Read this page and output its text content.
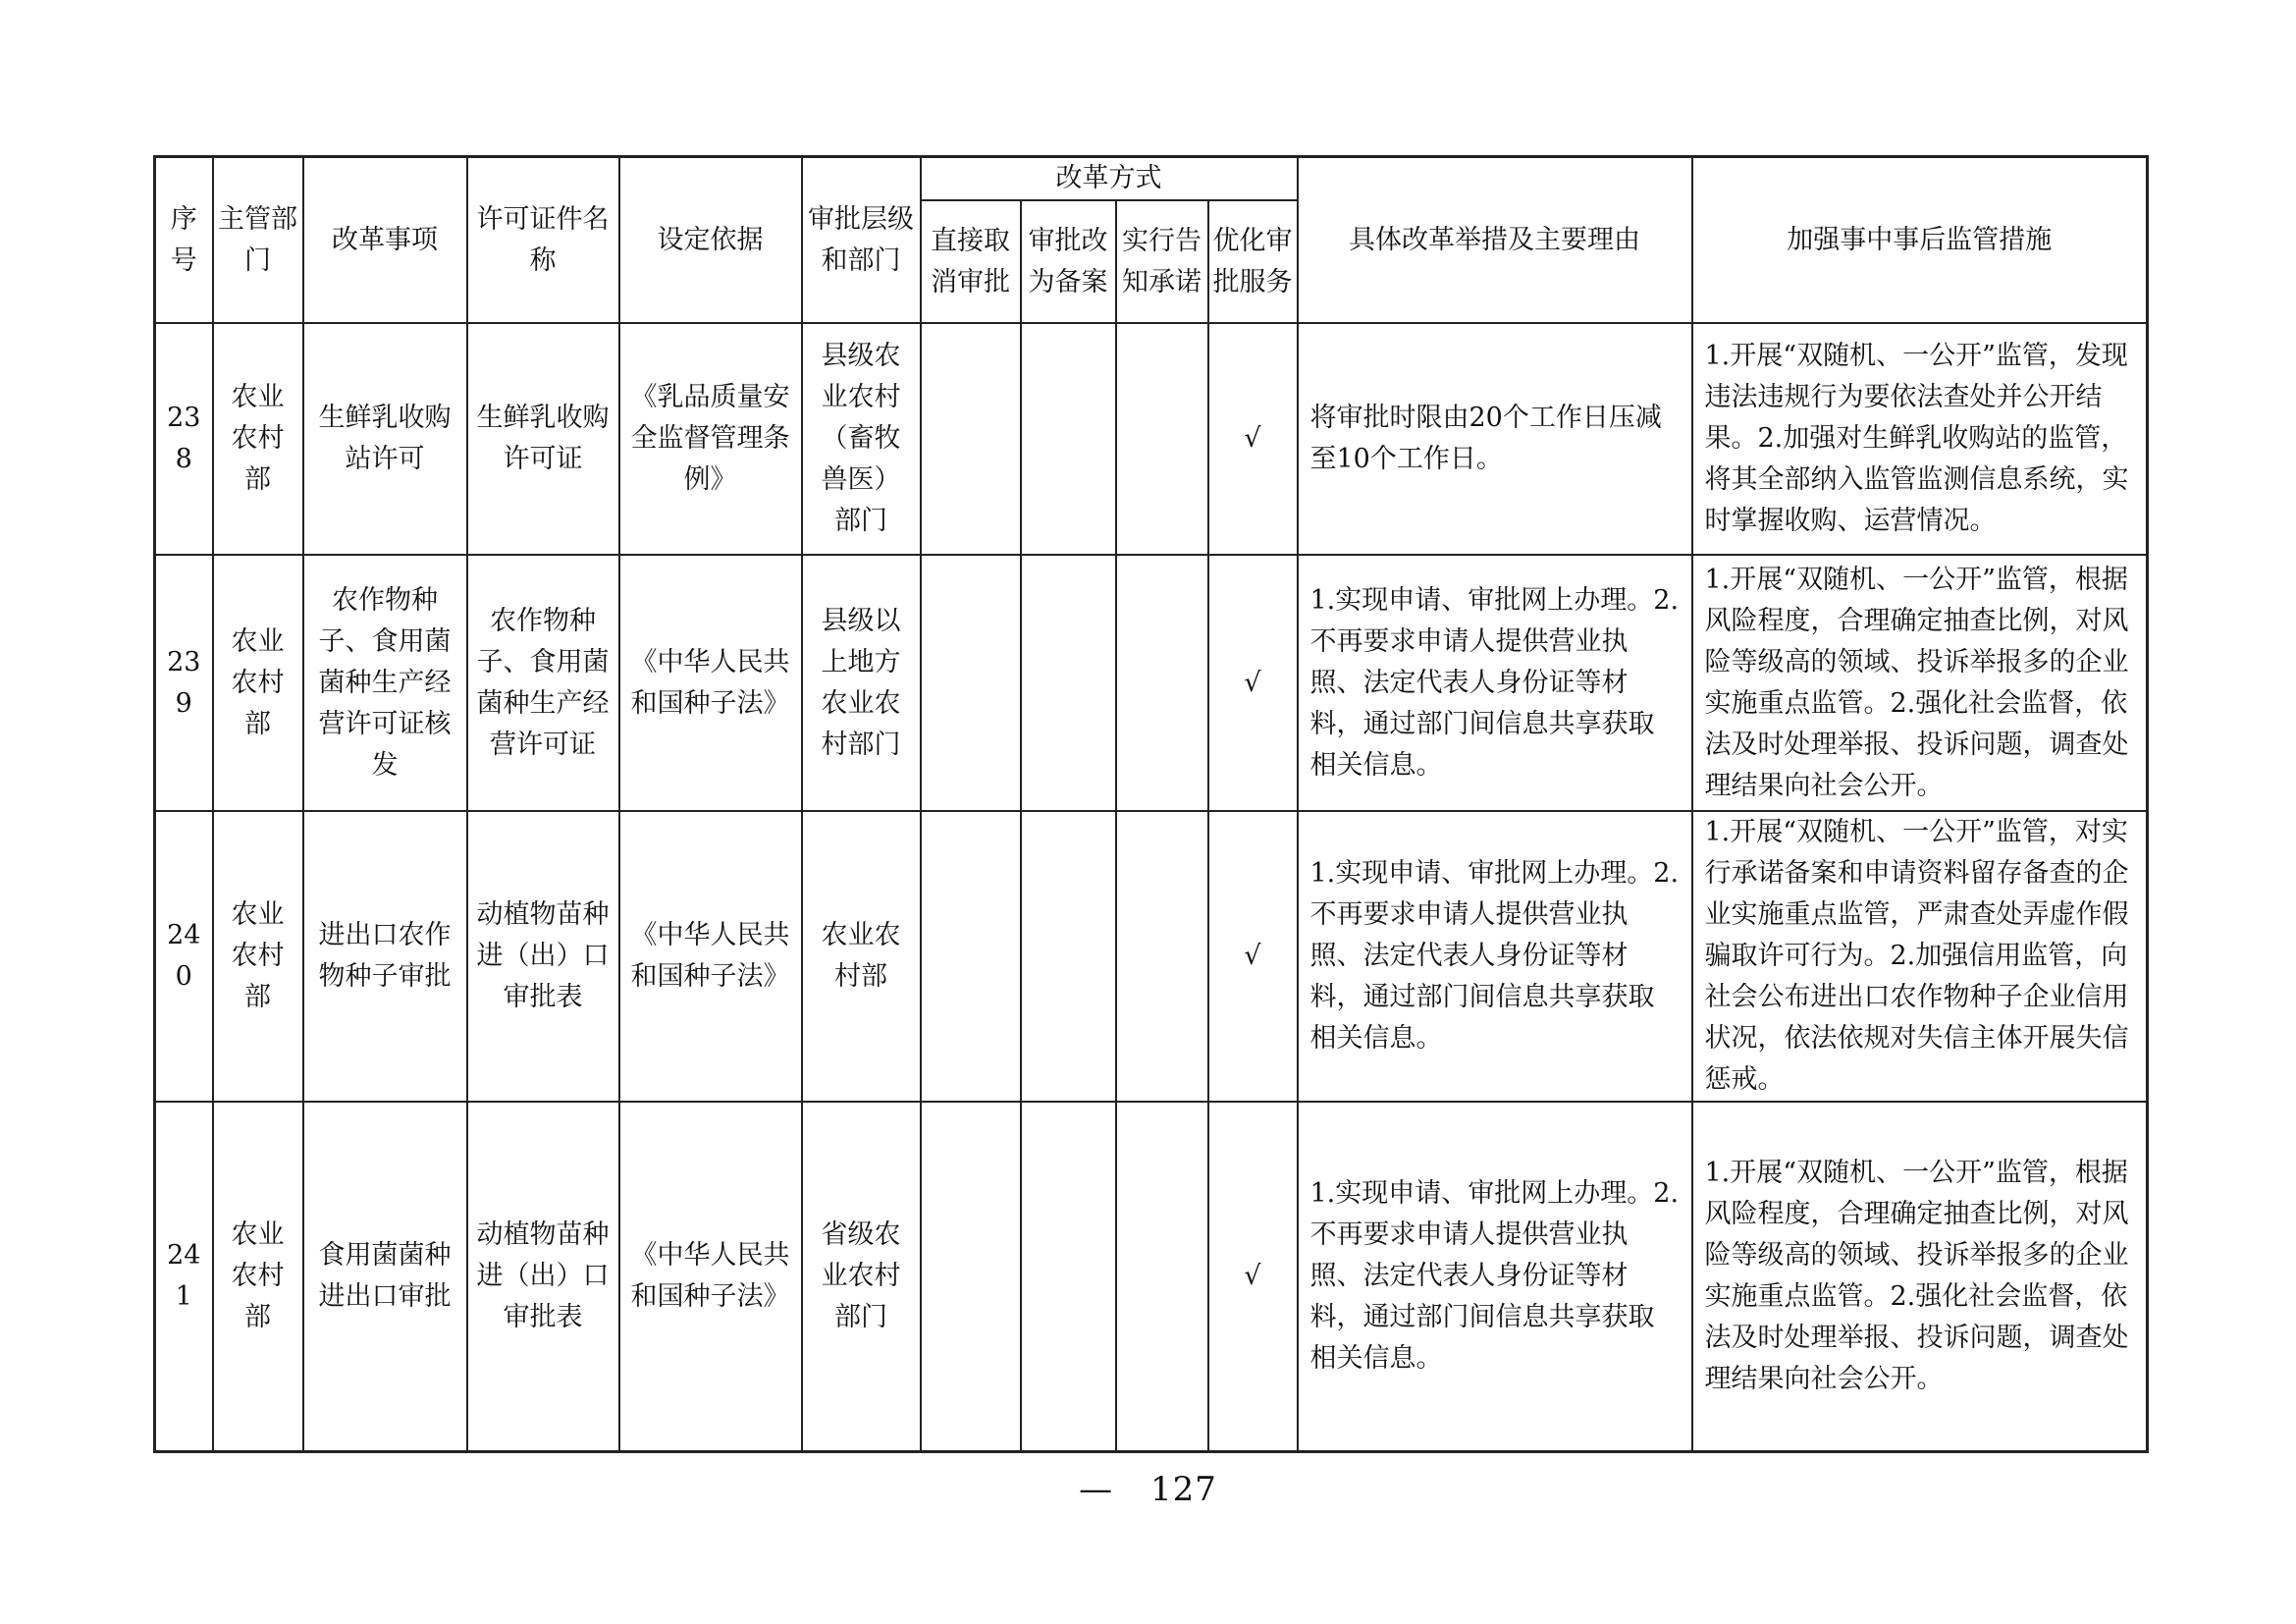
序号	主管部门	改革事项	许可证件名称	设定依据	审批层级和部门	改革方式				具体改革举措及主要理由	加强事中事后监管措施
						直接取消审批	审批改为备案	实行告知承诺	优化审批服务		
238	农业农村部	生鲜乳收购站许可	生鲜乳收购许可证	《乳品质量安全监督管理条例》	县级农业农村（畜牧兽医）部门				√	将审批时限由20个工作日压减至10个工作日。	1.开展“双随机、一公开”监管，发现违法违规行为要依法查处并公开结果。2.加强对生鲜乳收购站的监管，将其全部纳入监管监测信息系统，实时掌握收购、运营情况。
239	农业农村部	农作物种子、食用菌菌种生产经营许可证核发	农作物种子、食用菌菌种生产经营许可证	《中华人民共和国种子法》	县级以上地方农业农村部门				√	1.实现申请、审批网上办理。2.不再要求申请人提供营业执照、法定代表人身份证等材料，通过部门间信息共享获取相关信息。	1.开展“双随机、一公开”监管，根据风险程度，合理确定抽查比例，对风险等级高的领域、投诉举报多的企业实施重点监管。2.强化社会监督，依法及时处理举报、投诉问题，调查处理结果向社会公开。
240	农业农村部	进出口农作物种子审批	动植物苗种进（出）口审批表	《中华人民共和国种子法》	农业农村部				√	1.实现申请、审批网上办理。2.不再要求申请人提供营业执照、法定代表人身份证等材料，通过部门间信息共享获取相关信息。	1.开展“双随机、一公开”监管，对实行承诺备案和申请资料留存备查的企业实施重点监管，严肃查处弄虚作假骗取许可行为。2.加强信用监管，向社会公布进出口农作物种子企业信用状况，依法依规对失信主体开展失信惩戒。
241	农业农村部	食用菌菌种进出口审批	动植物苗种进（出）口审批表	《中华人民共和国种子法》	省级农业农村部门				√	1.实现申请、审批网上办理。2.不再要求申请人提供营业执照、法定代表人身份证等材料，通过部门间信息共享获取相关信息。	1.开展“双随机、一公开”监管，根据风险程度，合理确定抽查比例，对风险等级高的领域、投诉举报多的企业实施重点监管。2.强化社会监督，依法及时处理举报、投诉问题，调查处理结果向社会公开。
— 127
